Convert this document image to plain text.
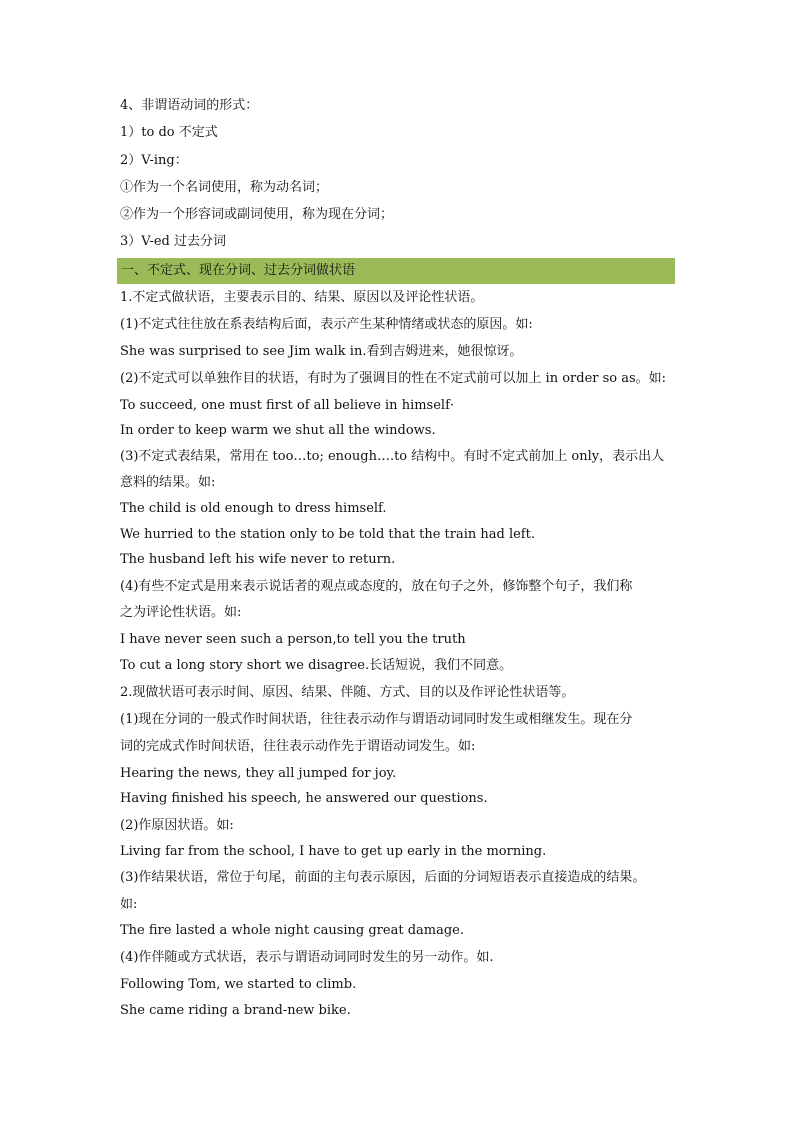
4、非谓语动词的形式：
1）to do 不定式
2）V-ing：
①作为一个名词使用，称为动名词；
②作为一个形容词或副词使用，称为现在分词；
3）V-ed 过去分词
一、不定式、现在分词、过去分词做状语
1.不定式做状语，主要表示目的、结果、原因以及评论性状语。
(1)不定式往往放在系表结构后面，表示产生某种情绪或状态的原因。如:
She was surprised to see Jim walk in.看到吉姆进来，她很惊讶。
(2)不定式可以单独作目的状语，有时为了强调目的性在不定式前可以加上 in order so as。如:
To succeed, one must first of all believe in himself·
In order to keep warm we shut all the windows.
(3)不定式表结果，常用在 too…to; enough….to 结构中。有时不定式前加上 only，表示出人
意料的结果。如:
The child is old enough to dress himself.
We hurried to the station only to be told that the train had left.
The husband left his wife never to return.
(4)有些不定式是用来表示说话者的观点或态度的，放在句子之外，修饰整个句子，我们称
之为评论性状语。如:
I have never seen such a person,to tell you the truth
To cut a long story short we disagree.长话短说，我们不同意。
2.现做状语可表示时间、原因、结果、伴随、方式、目的以及作评论性状语等。
(1)现在分词的一般式作时间状语，往往表示动作与谓语动词同时发生或相继发生。现在分
词的完成式作时间状语，往往表示动作先于谓语动词发生。如:
Hearing the news, they all jumped for joy.
Having finished his speech, he answered our questions.
(2)作原因状语。如:
Living far from the school, I have to get up early in the morning.
(3)作结果状语，常位于句尾，前面的主句表示原因，后面的分词短语表示直接造成的结果。
如:
The fire lasted a whole night causing great damage.
(4)作伴随或方式状语，表示与谓语动词同时发生的另一动作。如.
Following Tom, we started to climb.
She came riding a brand-new bike.
